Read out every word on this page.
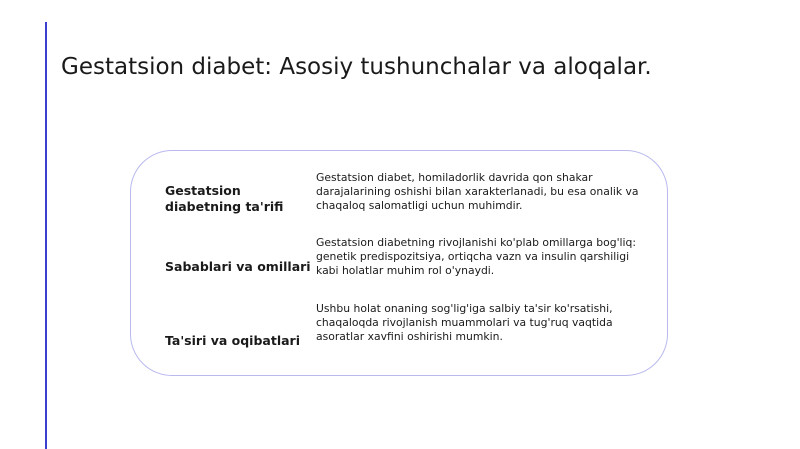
Gestatsion diabet: Asosiy tushunchalar va aloqalar.
Gestatsion diabetning ta'rifi
Gestatsion diabet, homiladorlik davrida qon shakar darajalarining oshishi bilan xarakterlanadi, bu esa onalik va chaqaloq salomatligi uchun muhimdir.
Sabablari va omillari
Gestatsion diabetning rivojlanishi ko'plab omillarga bog'liq: genetik predispozitsiya, ortiqcha vazn va insulin qarshiligi kabi holatlar muhim rol o'ynaydi.
Ta'siri va oqibatlari
Ushbu holat onaning sog'lig'iga salbiy ta'sir ko'rsatishi, chaqaloqda rivojlanish muammolari va tug'ruq vaqtida asoratlar xavfini oshirishi mumkin.
